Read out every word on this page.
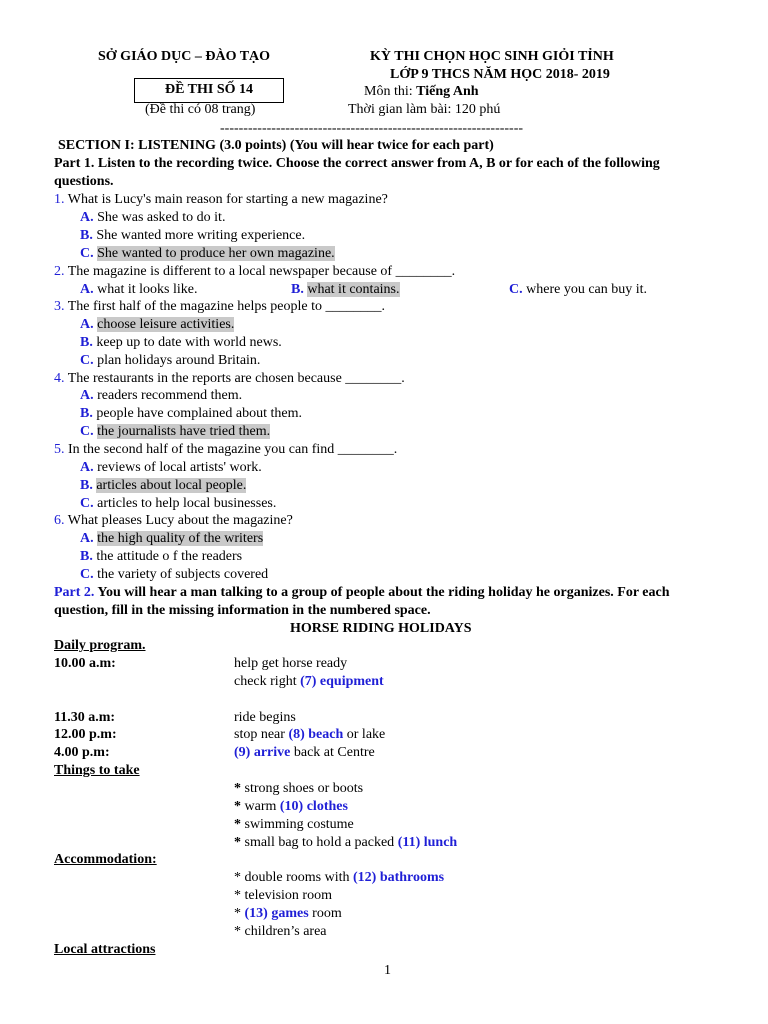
SỞ GIÁO DỤC – ĐÀO TẠO	KỲ THI CHỌN HỌC SINH GIỎI TỈNH
LỚP 9 THCS NĂM HỌC 2018- 2019
ĐỀ THI SỐ 14
(Đề thi có 08 trang)
Môn thi: Tiếng Anh
Thời gian làm bài: 120 phú
-----------------------------------------------------------------
SECTION I: LISTENING (3.0 points) (You will hear twice for each part)
Part 1. Listen to the recording twice. Choose the correct answer from A, B or for each of the following
questions.
1. What is Lucy's main reason for starting a new magazine?
A. She was asked to do it.
B. She wanted more writing experience.
C. She wanted to produce her own magazine.
2. The magazine is different to a local newspaper because of ________.
A. what it looks like.	B. what it contains.	C. where you can buy it.
3. The first half of the magazine helps people to ________.
A. choose leisure activities.
B. keep up to date with world news.
C. plan holidays around Britain.
4. The restaurants in the reports are chosen because ________.
A. readers recommend them.
B. people have complained about them.
C. the journalists have tried them.
5. In the second half of the magazine you can find ________.
A. reviews of local artists' work.
B. articles about local people.
C. articles to help local businesses.
6. What pleases Lucy about the magazine?
A. the high quality of the writers
B. the attitude o f the readers
C. the variety of subjects covered
Part 2. You will hear a man talking to a group of people about the riding holiday he organizes. For each
question, fill in the missing information in the numbered space.
HORSE RIDING HOLIDAYS
Daily program.
10.00 a.m:	help get horse ready
check right (7) equipment
11.30 a.m:	ride begins
12.00 p.m:	stop near (8) beach or lake
4.00 p.m:	(9) arrive back at Centre
Things to take
* strong shoes or boots
* warm (10) clothes
* swimming costume
* small bag to hold a packed (11) lunch
Accommodation:
* double rooms with (12) bathrooms
* television room
* (13) games room
* children’s area
Local attractions
1
